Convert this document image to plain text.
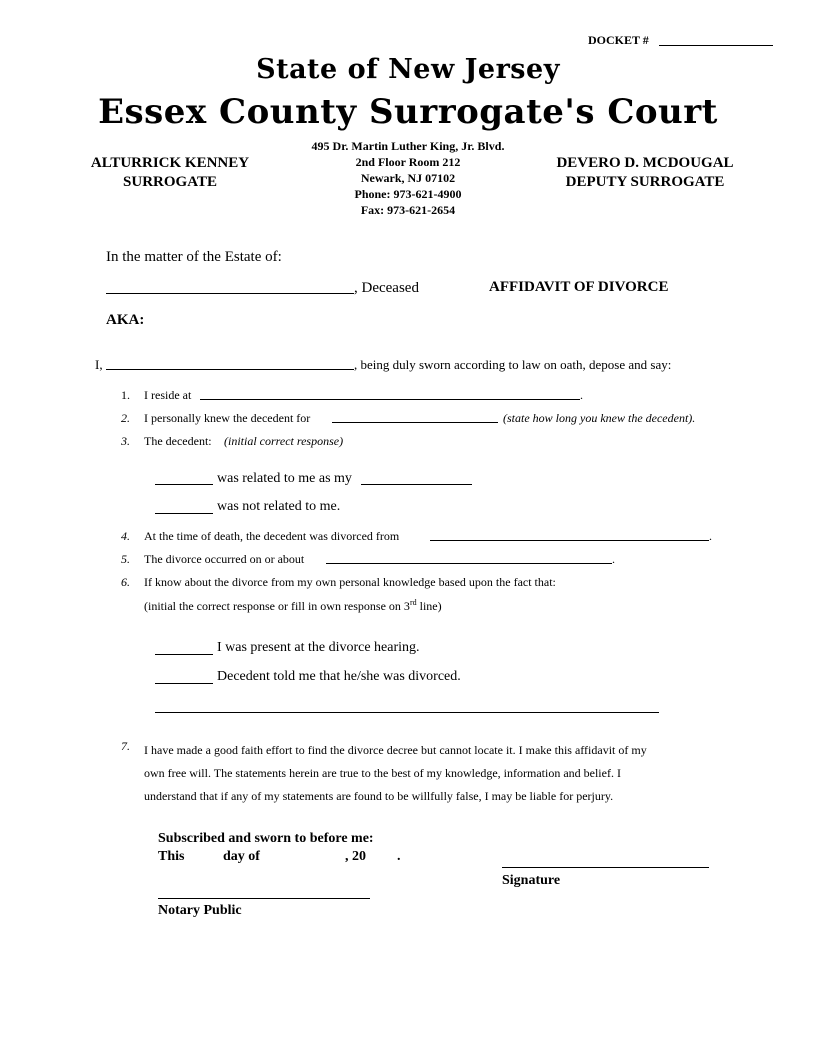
DOCKET #
State of New Jersey
Essex County Surrogate's Court
495 Dr. Martin Luther King, Jr. Blvd.
2nd Floor Room 212
Newark, NJ 07102
Phone: 973-621-4900
Fax: 973-621-2654
ALTURRICK KENNEY
SURROGATE
DEVERO D. MCDOUGAL
DEPUTY SURROGATE
In the matter of the Estate of:
, Deceased	AFFIDAVIT OF DIVORCE
AKA:
I,	, being duly sworn according to law on oath, depose and say:
1. I reside at	.
2. I personally knew the decedent for	(state how long you knew the decedent).
3. The decedent: (initial correct response)
was related to me as my
was not related to me.
4. At the time of death, the decedent was divorced from	.
5. The divorce occurred on or about	.
6. If know about the divorce from my own personal knowledge based upon the fact that:
(initial the correct response or fill in own response on 3rd line)
I was present at the divorce hearing.
Decedent told me that he/she was divorced.
7. I have made a good faith effort to find the divorce decree but cannot locate it. I make this affidavit of my
own free will. The statements herein are true to the best of my knowledge, information and belief. I
understand that if any of my statements are found to be willfully false, I may be liable for perjury.
Subscribed and sworn to before me:
This	day of	, 20 .
Signature
Notary Public
